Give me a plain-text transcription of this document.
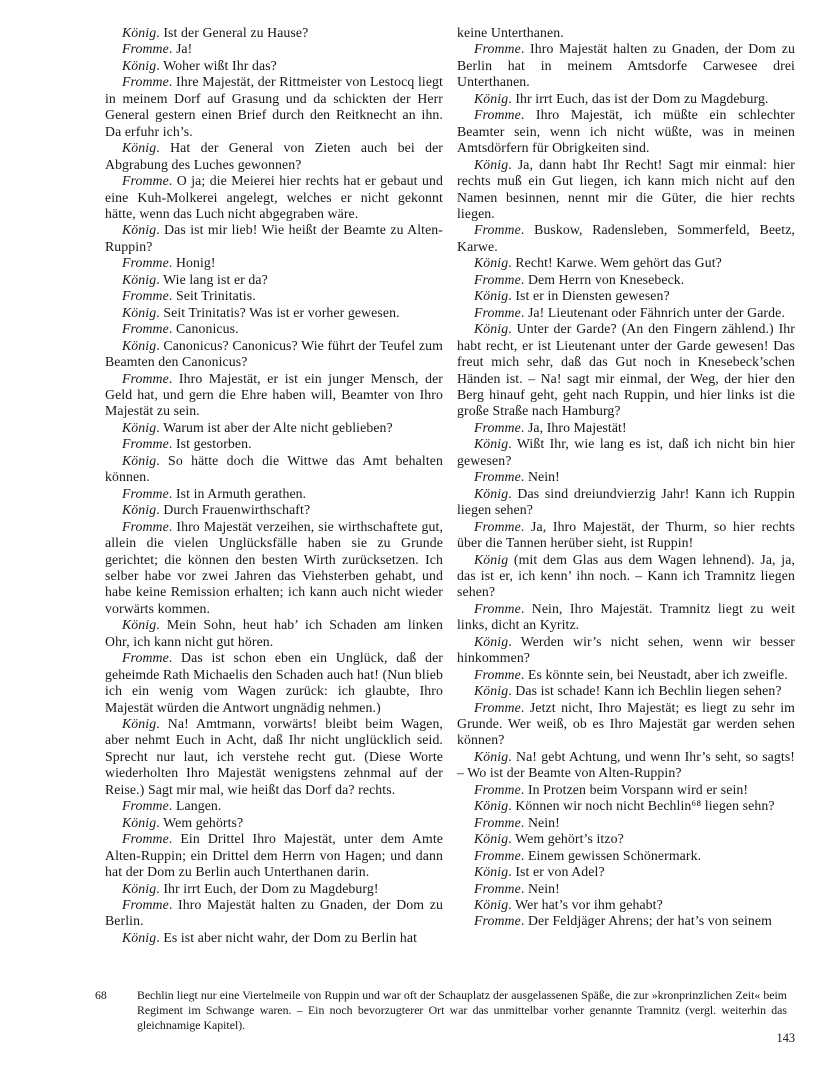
König. Ist der General zu Hause?

Fromme. Ja!

König. Woher wißt Ihr das?

Fromme. Ihre Majestät, der Rittmeister von Lestocq liegt in meinem Dorf auf Grasung und da schickten der Herr General gestern einen Brief durch den Reitknecht an ihn. Da erfuhr ich’s.

König. Hat der General von Zieten auch bei der Abgrabung des Luches gewonnen?

Fromme. O ja; die Meierei hier rechts hat er gebaut und eine Kuh-Molkerei angelegt, welches er nicht gekonnt hätte, wenn das Luch nicht abgegraben wäre.

König. Das ist mir lieb! Wie heißt der Beamte zu Alten-Ruppin?

Fromme. Honig!

König. Wie lang ist er da?

Fromme. Seit Trinitatis.

König. Seit Trinitatis? Was ist er vorher gewesen.

Fromme. Canonicus.

König. Canonicus? Canonicus? Wie führt der Teufel zum Beamten den Canonicus?

Fromme. Ihro Majestät, er ist ein junger Mensch, der Geld hat, und gern die Ehre haben will, Beamter von Ihro Majestät zu sein.

König. Warum ist aber der Alte nicht geblieben?

Fromme. Ist gestorben.

König. So hätte doch die Wittwe das Amt behalten können.

Fromme. Ist in Armuth gerathen.

König. Durch Frauenwirthschaft?

Fromme. Ihro Majestät verzeihen, sie wirthschaftete gut, allein die vielen Unglücksfälle haben sie zu Grunde gerichtet; die können den besten Wirth zurücksetzen. Ich selber habe vor zwei Jahren das Viehsterben gehabt, und habe keine Remission erhalten; ich kann auch nicht wieder vorwärts kommen.

König. Mein Sohn, heut hab’ ich Schaden am linken Ohr, ich kann nicht gut hören.

Fromme. Das ist schon eben ein Unglück, daß der geheimde Rath Michaelis den Schaden auch hat! (Nun blieb ich ein wenig vom Wagen zurück: ich glaubte, Ihro Majestät würden die Antwort ungnädig nehmen.)

König. Na! Amtmann, vorwärts! bleibt beim Wagen, aber nehmt Euch in Acht, daß Ihr nicht unglücklich seid. Sprecht nur laut, ich verstehe recht gut. (Diese Worte wiederholten Ihro Majestät wenigstens zehnmal auf der Reise.) Sagt mir mal, wie heißt das Dorf da? rechts.

Fromme. Langen.

König. Wem gehörts?

Fromme. Ein Drittel Ihro Majestät, unter dem Amte Alten-Ruppin; ein Drittel dem Herrn von Hagen; und dann hat der Dom zu Berlin auch Unterthanen darin.

König. Ihr irrt Euch, der Dom zu Magdeburg!

Fromme. Ihro Majestät halten zu Gnaden, der Dom zu Berlin.

König. Es ist aber nicht wahr, der Dom zu Berlin hat

keine Unterthanen.

Fromme. Ihro Majestät halten zu Gnaden, der Dom zu Berlin hat in meinem Amtsdorfe Carwesee drei Unterthanen.

König. Ihr irrt Euch, das ist der Dom zu Magdeburg.

Fromme. Ihro Majestät, ich müßte ein schlechter Beamter sein, wenn ich nicht wüßte, was in meinen Amtsdörfern für Obrigkeiten sind.

König. Ja, dann habt Ihr Recht! Sagt mir einmal: hier rechts muß ein Gut liegen, ich kann mich nicht auf den Namen besinnen, nennt mir die Güter, die hier rechts liegen.

Fromme. Buskow, Radensleben, Sommerfeld, Beetz, Karwe.

König. Recht! Karwe. Wem gehört das Gut?

Fromme. Dem Herrn von Knesebeck.

König. Ist er in Diensten gewesen?

Fromme. Ja! Lieutenant oder Fähnrich unter der Garde.

König. Unter der Garde? (An den Fingern zählend.) Ihr habt recht, er ist Lieutenant unter der Garde gewesen! Das freut mich sehr, daß das Gut noch in Knesebeck’schen Händen ist. – Na! sagt mir einmal, der Weg, der hier den Berg hinauf geht, geht nach Ruppin, und hier links ist die große Straße nach Hamburg?

Fromme. Ja, Ihro Majestät!

König. Wißt Ihr, wie lang es ist, daß ich nicht bin hier gewesen?

Fromme. Nein!

König. Das sind dreiundvierzig Jahr! Kann ich Ruppin liegen sehen?

Fromme. Ja, Ihro Majestät, der Thurm, so hier rechts über die Tannen herüber sieht, ist Ruppin!

König (mit dem Glas aus dem Wagen lehnend). Ja, ja, das ist er, ich kenn’ ihn noch. – Kann ich Tramnitz liegen sehen?

Fromme. Nein, Ihro Majestät. Tramnitz liegt zu weit links, dicht an Kyritz.

König. Werden wir’s nicht sehen, wenn wir besser hinkommen?

Fromme. Es könnte sein, bei Neustadt, aber ich zweifle.

König. Das ist schade! Kann ich Bechlin liegen sehen?

Fromme. Jetzt nicht, Ihro Majestät; es liegt zu sehr im Grunde. Wer weiß, ob es Ihro Majestät gar werden sehen können?

König. Na! gebt Achtung, und wenn Ihr’s seht, so sagts! – Wo ist der Beamte von Alten-Ruppin?

Fromme. In Protzen beim Vorspann wird er sein!

König. Können wir noch nicht Bechlin⁶⁸ liegen sehn?

Fromme. Nein!

König. Wem gehört’s itzo?

Fromme. Einem gewissen Schönermark.

König. Ist er von Adel?

Fromme. Nein!

König. Wer hat’s vor ihm gehabt?

Fromme. Der Feldjäger Ahrens; der hat’s von seinem

68	Bechlin liegt nur eine Viertelmeile von Ruppin und war oft der Schauplatz der ausgelassenen Späße, die zur »kronprinzlichen Zeit« beim Regiment im Schwange waren. – Ein noch bevorzugterer Ort war das unmittelbar vorher genannte Tramnitz (vergl. weiterhin das gleichnamige Kapitel).
143
